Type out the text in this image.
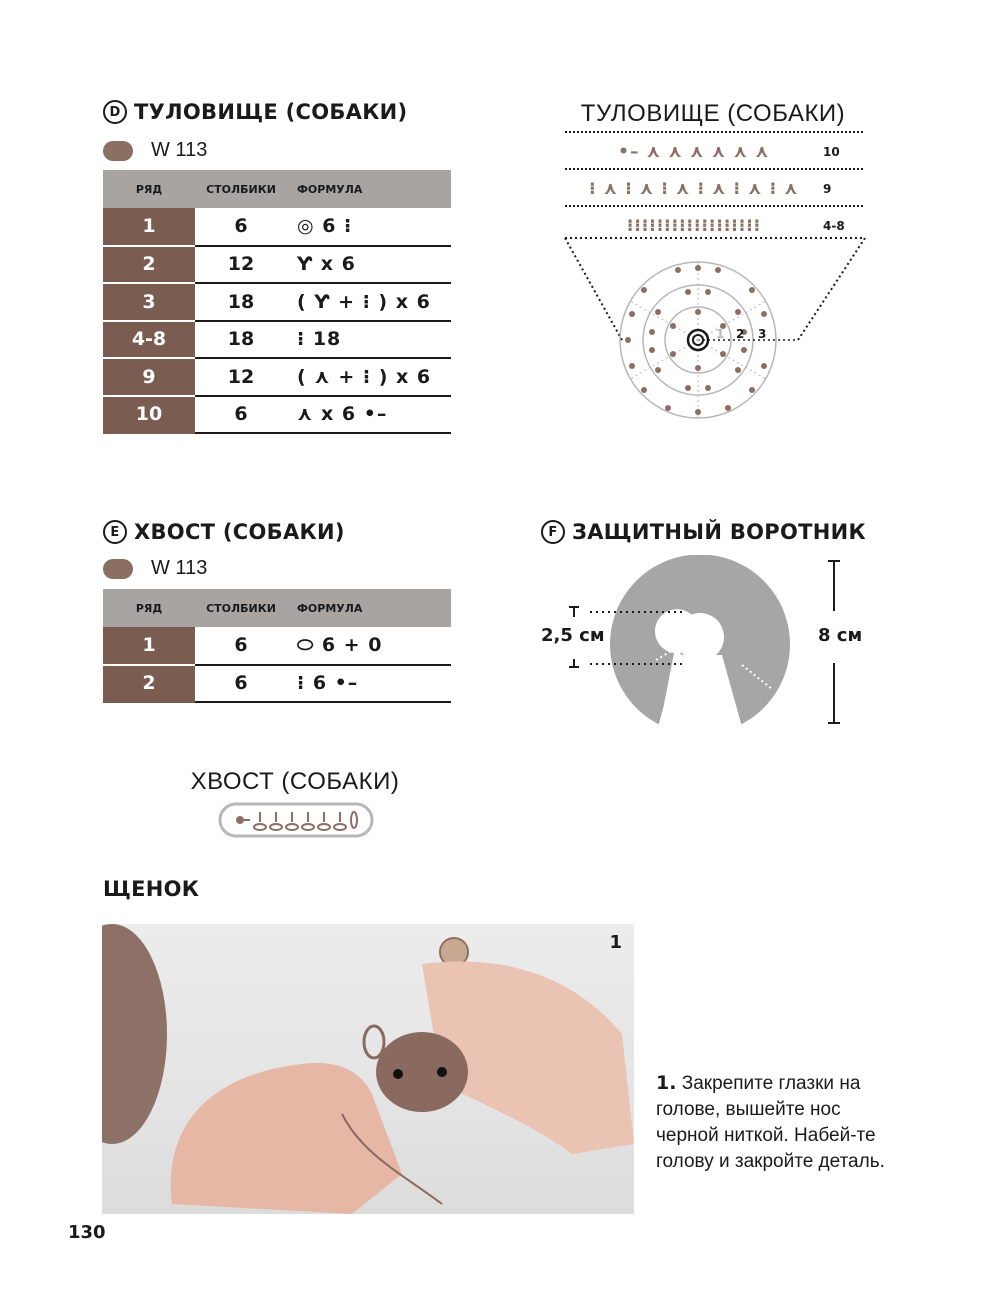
D ТУЛОВИЩЕ (СОБАКИ)
W 113
РЯД	СТОЛБИКИ	ФОРМУЛА
1	6	◎ 6 ⁝
2	12	Ƴ x 6
3	18	( Ƴ + ⁝ ) x 6
4-8	18	⁝ 18
9	12	( ⋏ + ⁝ ) x 6
10	6	⋏ x 6 •–
ТУЛОВИЩЕ (СОБАКИ)
•– ⋏ ⋏ ⋏ ⋏ ⋏ ⋏	10
⁝ ⋏ ⁝ ⋏ ⁝ ⋏ ⁝ ⋏ ⁝ ⋏ ⁝ ⋏	9
⁝⁝⁝⁝⁝⁝⁝⁝⁝⁝⁝⁝⁝⁝⁝⁝⁝⁝	4-8
1 2 3
E ХВОСТ (СОБАКИ)
W 113
РЯД	СТОЛБИКИ	ФОРМУЛА
1	6	⬭ 6 + 0
2	6	⁝ 6 •–
F ЗАЩИТНЫЙ ВОРОТНИК
2,5 см	8 см
ХВОСТ (СОБАКИ)
ЩЕНОК
1
1. Закрепите глазки на голове, вышейте нос черной ниткой. Набей-те голову и закройте деталь.
130
